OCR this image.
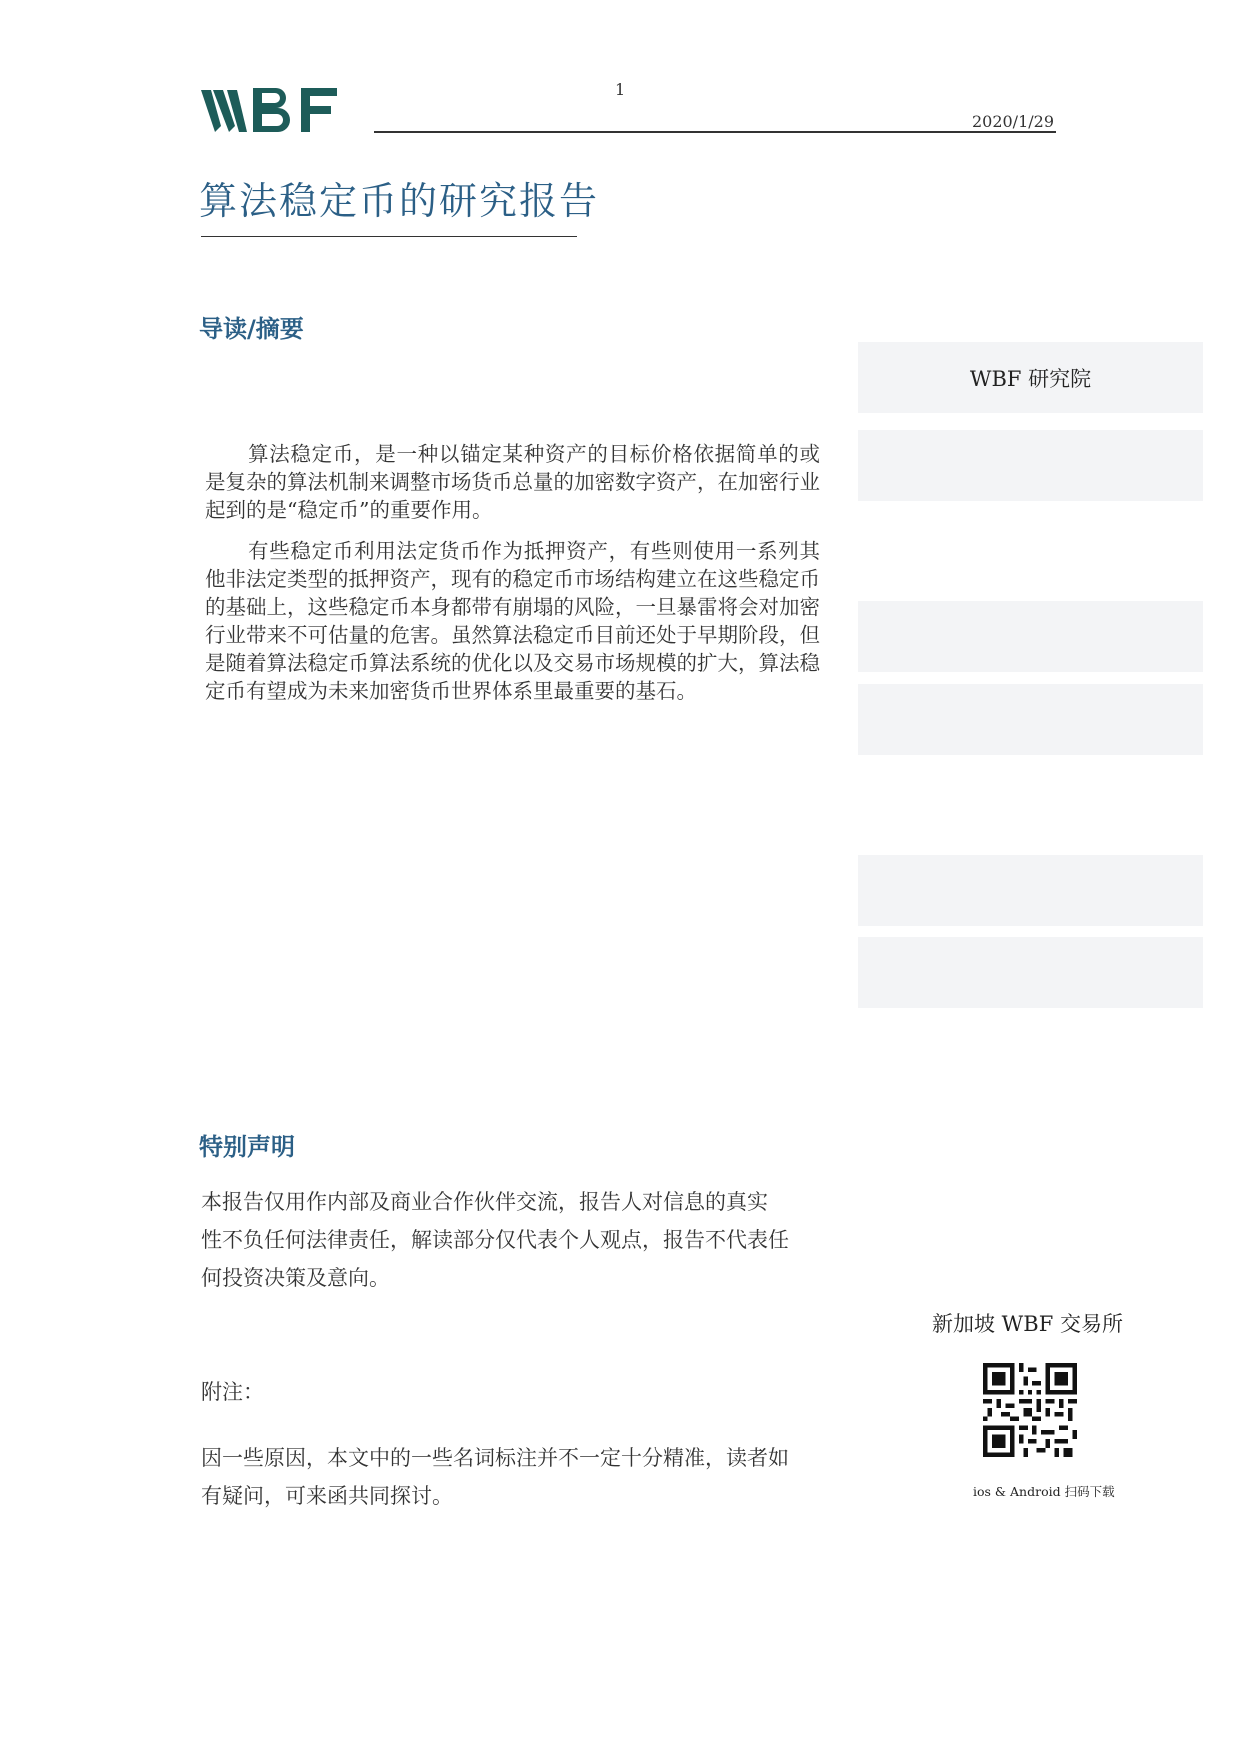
1
2020/1/29
算法稳定币的研究报告
导读/摘要
算法稳定币，是一种以锚定某种资产的目标价格依据简单的或是复杂的算法机制来调整市场货币总量的加密数字资产，在加密行业起到的是“稳定币”的重要作用。
有些稳定币利用法定货币作为抵押资产，有些则使用一系列其他非法定类型的抵押资产，现有的稳定币市场结构建立在这些稳定币的基础上，这些稳定币本身都带有崩塌的风险，一旦暴雷将会对加密行业带来不可估量的危害。虽然算法稳定币目前还处于早期阶段，但是随着算法稳定币算法系统的优化以及交易市场规模的扩大，算法稳定币有望成为未来加密货币世界体系里最重要的基石。
WBF 研究院
特别声明
本报告仅用作内部及商业合作伙伴交流，报告人对信息的真实
性不负任何法律责任，解读部分仅代表个人观点，报告不代表任
何投资决策及意向。
附注：
因一些原因，本文中的一些名词标注并不一定十分精准，读者如
有疑问，可来函共同探讨。
新加坡 WBF 交易所
ios & Android 扫码下载
